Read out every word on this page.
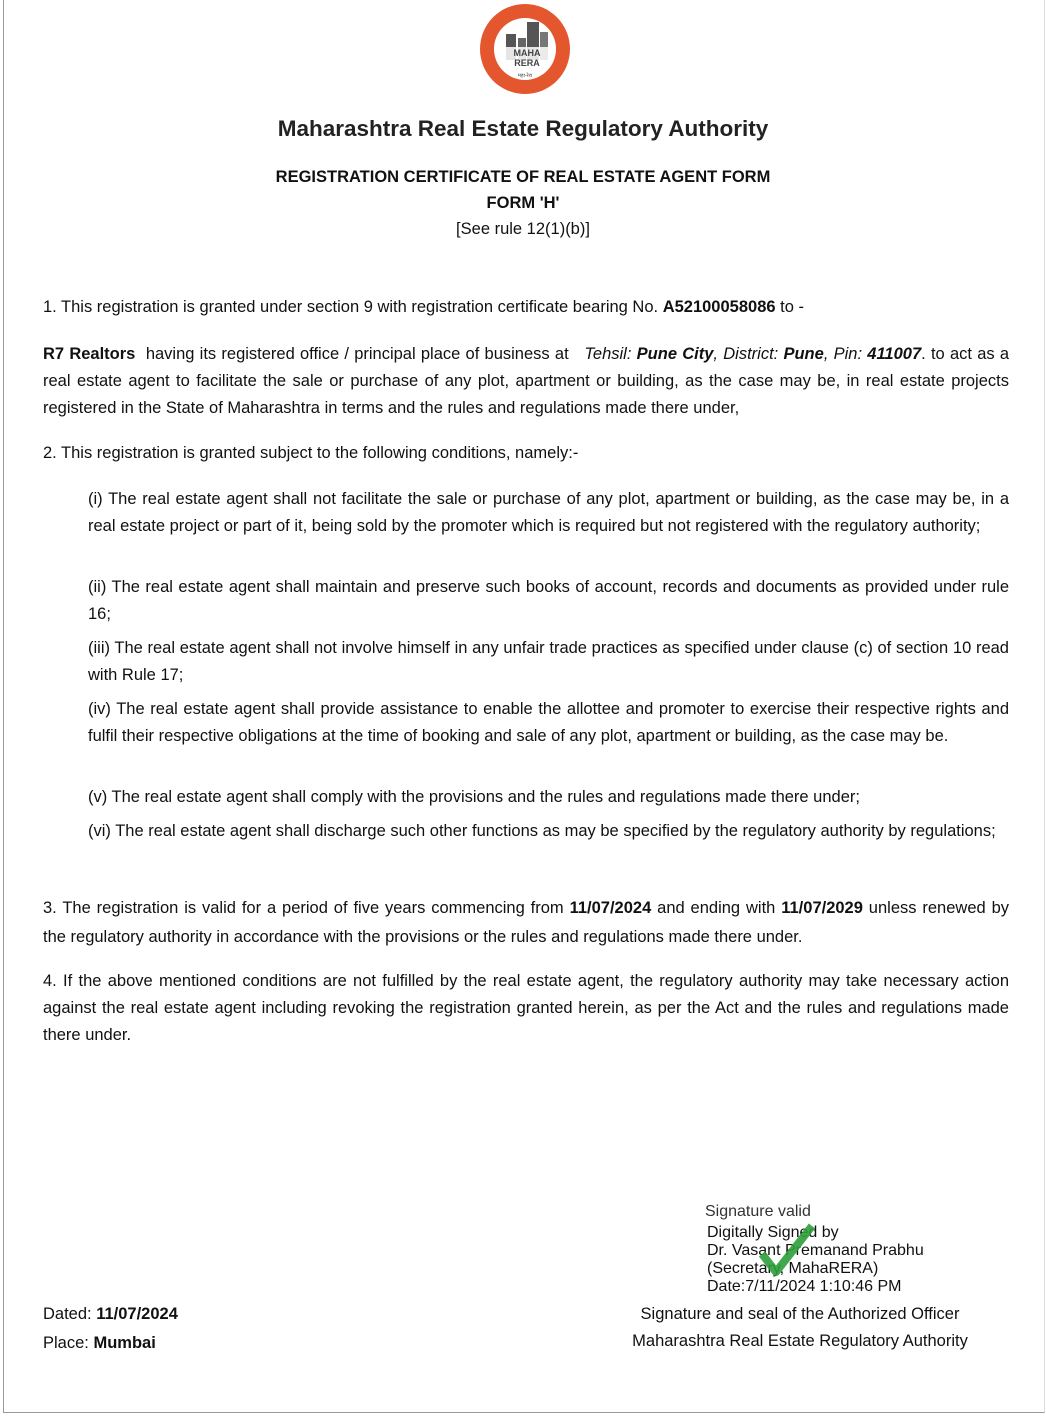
MAHA
RERA
महा-रेरा
Maharashtra Real Estate Regulatory Authority
REGISTRATION CERTIFICATE OF REAL ESTATE AGENT FORM
FORM 'H'
[See rule 12(1)(b)]
1. This registration is granted under section 9 with registration certificate bearing No. A52100058086 to -
R7 Realtors  having its registered office / principal place of business at   Tehsil: Pune City, District: Pune, Pin: 411007. to act as a real estate agent to facilitate the sale or purchase of any plot, apartment or building, as the case may be, in real estate projects registered in the State of Maharashtra in terms and the rules and regulations made there under,
2. This registration is granted subject to the following conditions, namely:-
(i) The real estate agent shall not facilitate the sale or purchase of any plot, apartment or building, as the case may be, in a real estate project or part of it, being sold by the promoter which is required but not registered with the regulatory authority;
(ii) The real estate agent shall maintain and preserve such books of account, records and documents as provided under rule 16;
(iii) The real estate agent shall not involve himself in any unfair trade practices as specified under clause (c) of section 10 read with Rule 17;
(iv) The real estate agent shall provide assistance to enable the allottee and promoter to exercise their respective rights and fulfil their respective obligations at the time of booking and sale of any plot, apartment or building, as the case may be.
(v) The real estate agent shall comply with the provisions and the rules and regulations made there under;
(vi) The real estate agent shall discharge such other functions as may be specified by the regulatory authority by regulations;
3. The registration is valid for a period of five years commencing from 11/07/2024 and ending with 11/07/2029 unless renewed by the regulatory authority in accordance with the provisions or the rules and regulations made there under.
4. If the above mentioned conditions are not fulfilled by the real estate agent, the regulatory authority may take necessary action against the real estate agent including revoking the registration granted herein, as per the Act and the rules and regulations made there under.
Signature valid
Digitally Signed by
Dr. Vasant Premanand Prabhu
(Secretary, MahaRERA)
Date:7/11/2024 1:10:46 PM
Signature and seal of the Authorized Officer
Maharashtra Real Estate Regulatory Authority
Dated: 11/07/2024
Place: Mumbai
